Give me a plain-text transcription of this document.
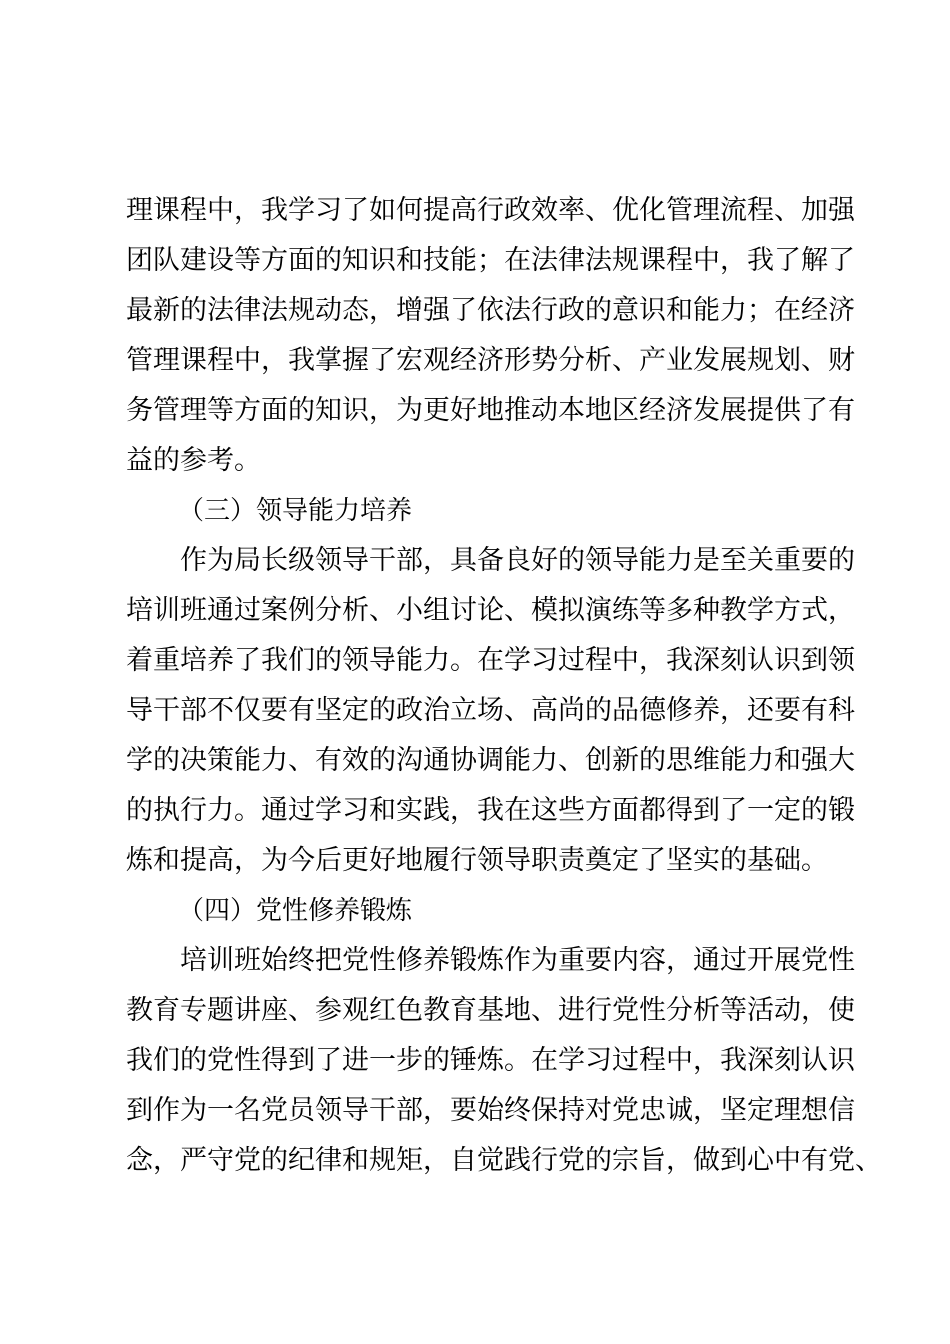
理课程中，我学习了如何提高行政效率、优化管理流程、加强
团队建设等方面的知识和技能；在法律法规课程中，我了解了
最新的法律法规动态，增强了依法行政的意识和能力；在经济
管理课程中，我掌握了宏观经济形势分析、产业发展规划、财
务管理等方面的知识，为更好地推动本地区经济发展提供了有
益的参考。
（三）领导能力培养
作为局长级领导干部，具备良好的领导能力是至关重要的
培训班通过案例分析、小组讨论、模拟演练等多种教学方式，
着重培养了我们的领导能力。在学习过程中，我深刻认识到领
导干部不仅要有坚定的政治立场、高尚的品德修养，还要有科
学的决策能力、有效的沟通协调能力、创新的思维能力和强大
的执行力。通过学习和实践，我在这些方面都得到了一定的锻
炼和提高，为今后更好地履行领导职责奠定了坚实的基础。
（四）党性修养锻炼
培训班始终把党性修养锻炼作为重要内容，通过开展党性
教育专题讲座、参观红色教育基地、进行党性分析等活动，使
我们的党性得到了进一步的锤炼。在学习过程中，我深刻认识
到作为一名党员领导干部，要始终保持对党忠诚，坚定理想信
念，严守党的纪律和规矩，自觉践行党的宗旨，做到心中有党、
